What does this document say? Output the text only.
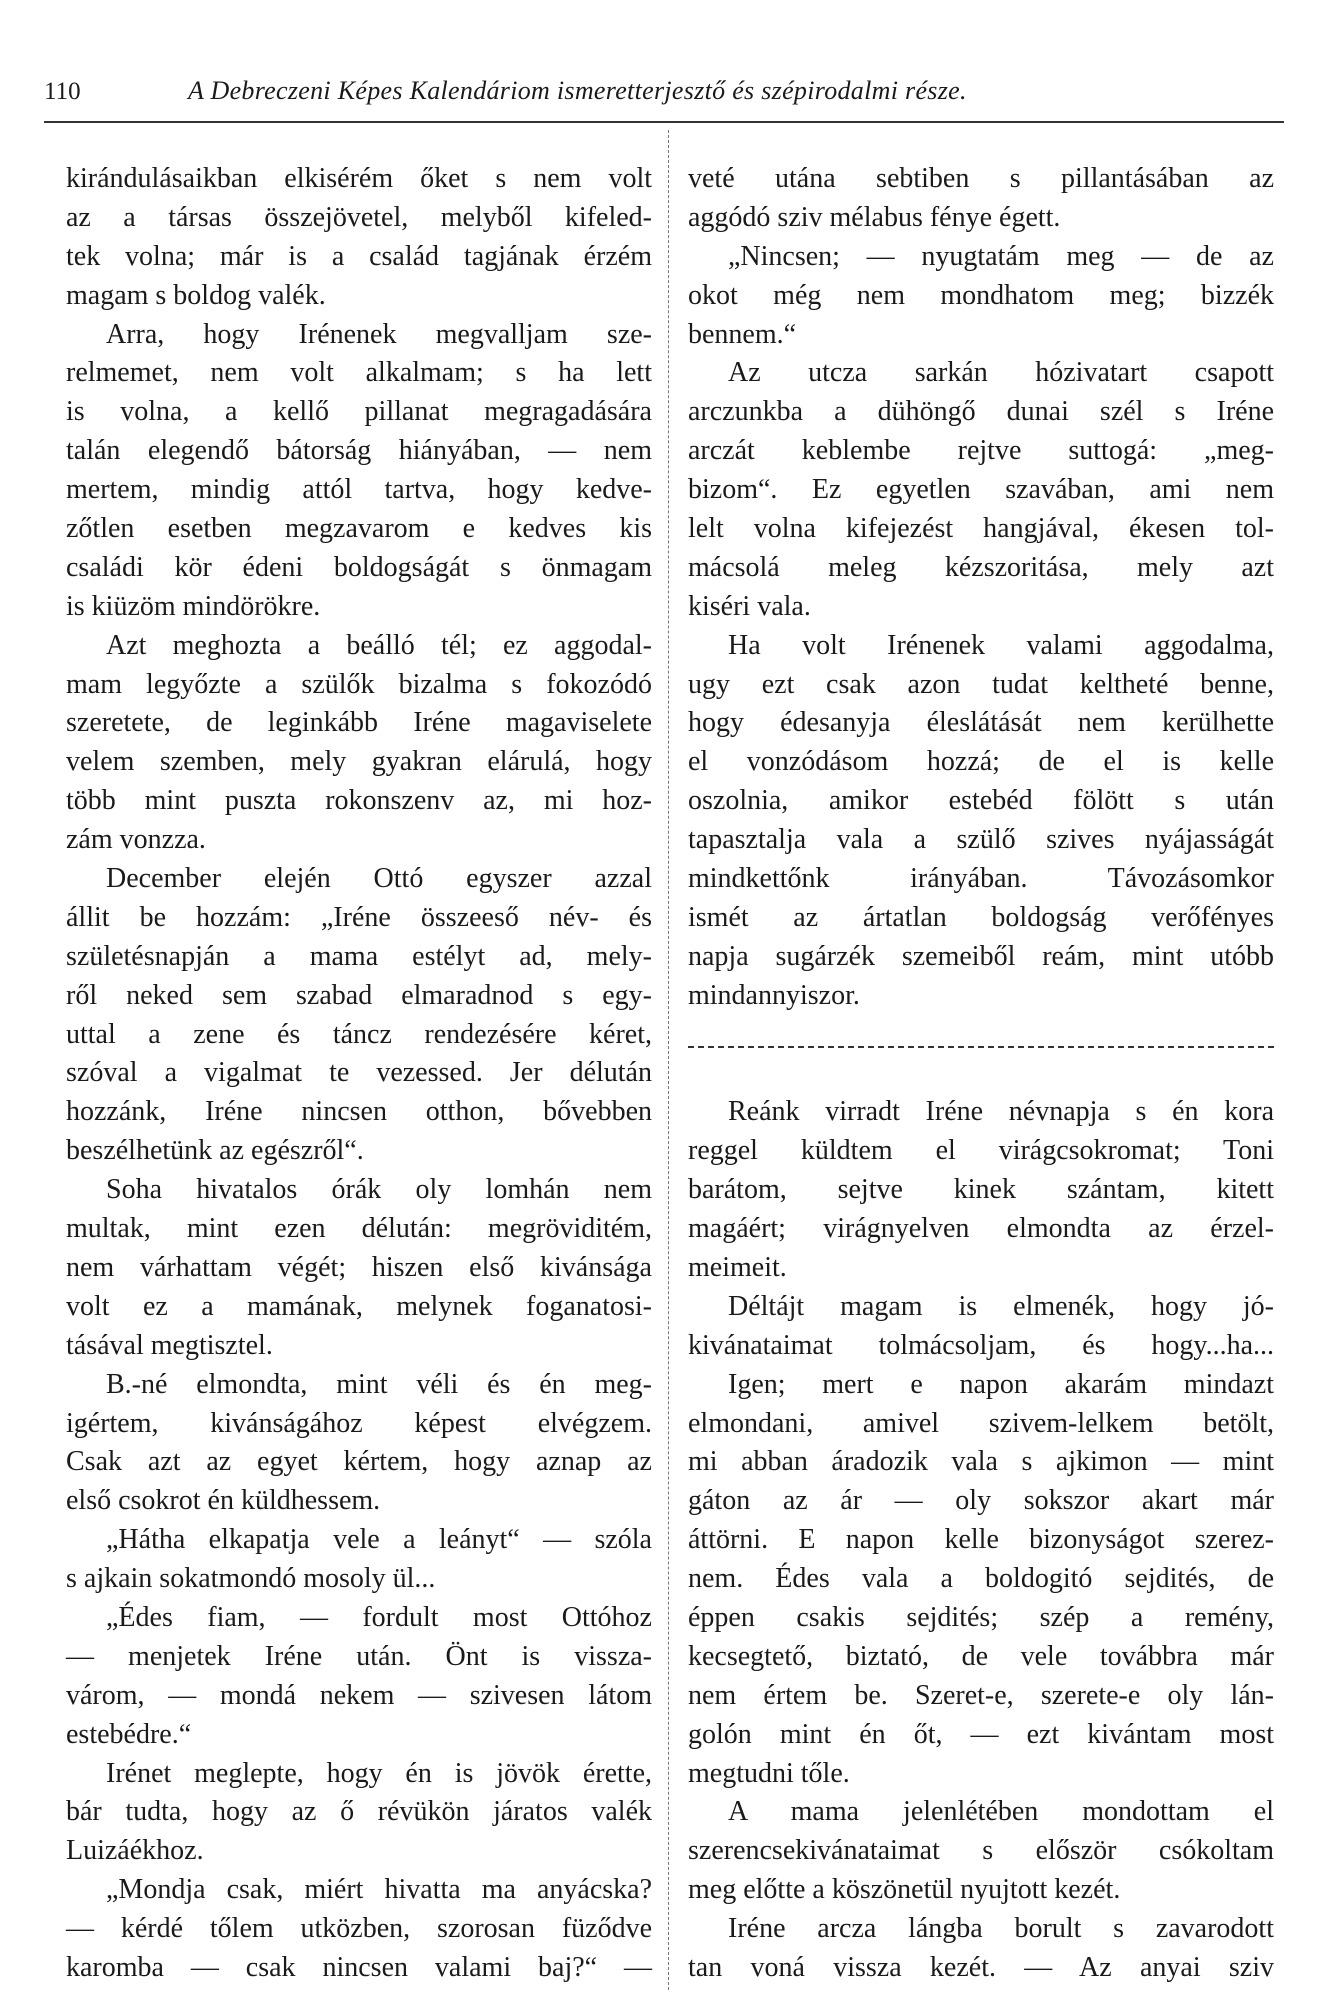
110	A Debreczeni Képes Kalendáriom ismeretterjesztő és szépirodalmi része.
kirándulásaikban elkisérém őket s nem volt
az a társas összejövetel, melyből kifeled-
tek volna; már is a család tagjának érzém
magam s boldog valék.
Arra, hogy Irénenek megvalljam sze-
relmemet, nem volt alkalmam; s ha lett
is volna, a kellő pillanat megragadására
talán elegendő bátorság hiányában, — nem
mertem, mindig attól tartva, hogy kedve-
zőtlen esetben megzavarom e kedves kis
családi kör édeni boldogságát s önmagam
is kiüzöm mindörökre.
Azt meghozta a beálló tél; ez aggodal-
mam legyőzte a szülők bizalma s fokozódó
szeretete, de leginkább Iréne magaviselete
velem szemben, mely gyakran elárulá, hogy
több mint puszta rokonszenv az, mi hoz-
zám vonzza.
December elején Ottó egyszer azzal
állit be hozzám: „Iréne összeeső név- és
születésnapján a mama estélyt ad, mely-
ről neked sem szabad elmaradnod s egy-
uttal a zene és táncz rendezésére kéret,
szóval a vigalmat te vezessed. Jer délután
hozzánk, Iréne nincsen otthon, bővebben
beszélhetünk az egészről“.
Soha hivatalos órák oly lomhán nem
multak, mint ezen délután: megröviditém,
nem várhattam végét; hiszen első kivánsága
volt ez a mamának, melynek foganatosi-
tásával megtisztel.
B.-né elmondta, mint véli és én meg-
igértem, kivánságához képest elvégzem.
Csak azt az egyet kértem, hogy aznap az
első csokrot én küldhessem.
„Hátha elkapatja vele a leányt“ — szóla
s ajkain sokatmondó mosoly ül...
„Édes fiam, — fordult most Ottóhoz
— menjetek Iréne után. Önt is vissza-
várom, — mondá nekem — szivesen látom
estebédre.“
Irénet meglepte, hogy én is jövök érette,
bár tudta, hogy az ő révükön járatos valék
Luizáékhoz.
„Mondja csak, miért hivatta ma anyácska?
— kérdé tőlem utközben, szorosan füződve
karomba — csak nincsen valami baj?“ —
veté utána sebtiben s pillantásában az
aggódó sziv mélabus fénye égett.
„Nincsen; — nyugtatám meg — de az
okot még nem mondhatom meg; bizzék
bennem.“
Az utcza sarkán hózivatart csapott
arczunkba a dühöngő dunai szél s Iréne
arczát keblembe rejtve suttogá: „meg-
bizom“. Ez egyetlen szavában, ami nem
lelt volna kifejezést hangjával, ékesen tol-
mácsolá meleg kézszoritása, mely azt
kiséri vala.
Ha volt Irénenek valami aggodalma,
ugy ezt csak azon tudat keltheté benne,
hogy édesanyja éleslátását nem kerülhette
el vonzódásom hozzá; de el is kelle
oszolnia, amikor estebéd fölött s után
tapasztalja vala a szülő szives nyájasságát
mindkettőnk irányában. Távozásomkor
ismét az ártatlan boldogság verőfényes
napja sugárzék szemeiből reám, mint utóbb
mindannyiszor.
Reánk virradt Iréne névnapja s én kora
reggel küldtem el virágcsokromat; Toni
barátom, sejtve kinek szántam, kitett
magáért; virágnyelven elmondta az érzel-
meimeit.
Déltájt magam is elmenék, hogy jó-
kivánataimat tolmácsoljam, és hogy...ha...
Igen; mert e napon akarám mindazt
elmondani, amivel szivem-lelkem betölt,
mi abban áradozik vala s ajkimon — mint
gáton az ár — oly sokszor akart már
áttörni. E napon kelle bizonyságot szerez-
nem. Édes vala a boldogitó sejdités, de
éppen csakis sejdités; szép a remény,
kecsegtető, biztató, de vele továbbra már
nem értem be. Szeret-e, szerete-e oly lán-
golón mint én őt, — ezt kivántam most
megtudni tőle.
A mama jelenlétében mondottam el
szerencsekivánataimat s először csókoltam
meg előtte a köszönetül nyujtott kezét.
Iréne arcza lángba borult s zavarodott
tan voná vissza kezét. — Az anyai sziv
